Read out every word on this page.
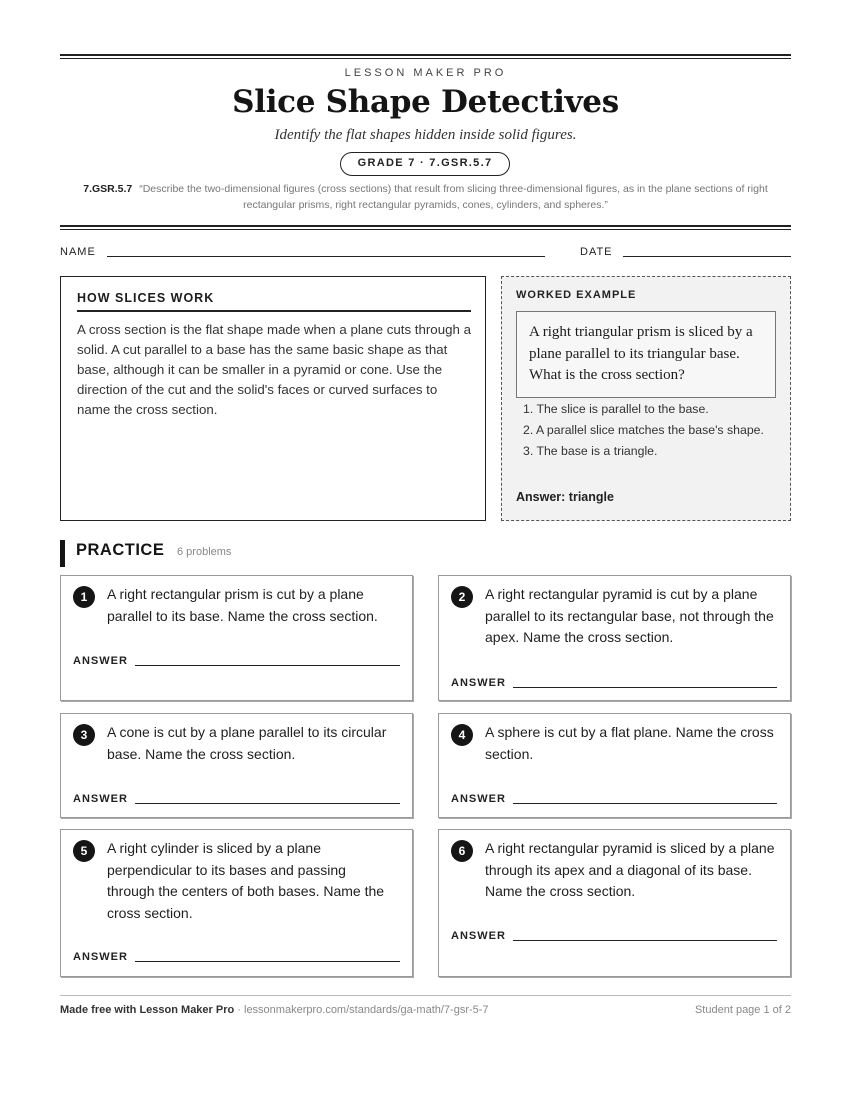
LESSON MAKER PRO
Slice Shape Detectives
Identify the flat shapes hidden inside solid figures.
GRADE 7 · 7.GSR.5.7
7.GSR.5.7 “Describe the two-dimensional figures (cross sections) that result from slicing three-dimensional figures, as in the plane sections of right rectangular prisms, right rectangular pyramids, cones, cylinders, and spheres.”
NAME	DATE
HOW SLICES WORK
A cross section is the flat shape made when a plane cuts through a solid. A cut parallel to a base has the same basic shape as that base, although it can be smaller in a pyramid or cone. Use the direction of the cut and the solid's faces or curved surfaces to name the cross section.
WORKED EXAMPLE
A right triangular prism is sliced by a plane parallel to its triangular base. What is the cross section?
1. The slice is parallel to the base.
2. A parallel slice matches the base's shape.
3. The base is a triangle.
Answer: triangle
PRACTICE 6 problems
1	A right rectangular prism is cut by a plane parallel to its base. Name the cross section.
ANSWER
2	A right rectangular pyramid is cut by a plane parallel to its rectangular base, not through the apex. Name the cross section.
ANSWER
3	A cone is cut by a plane parallel to its circular base. Name the cross section.
ANSWER
4	A sphere is cut by a flat plane. Name the cross section.
ANSWER
5	A right cylinder is sliced by a plane perpendicular to its bases and passing through the centers of both bases. Name the cross section.
ANSWER
6	A right rectangular pyramid is sliced by a plane through its apex and a diagonal of its base. Name the cross section.
ANSWER
Made free with Lesson Maker Pro · lessonmakerpro.com/standards/ga-math/7-gsr-5-7	Student page 1 of 2
